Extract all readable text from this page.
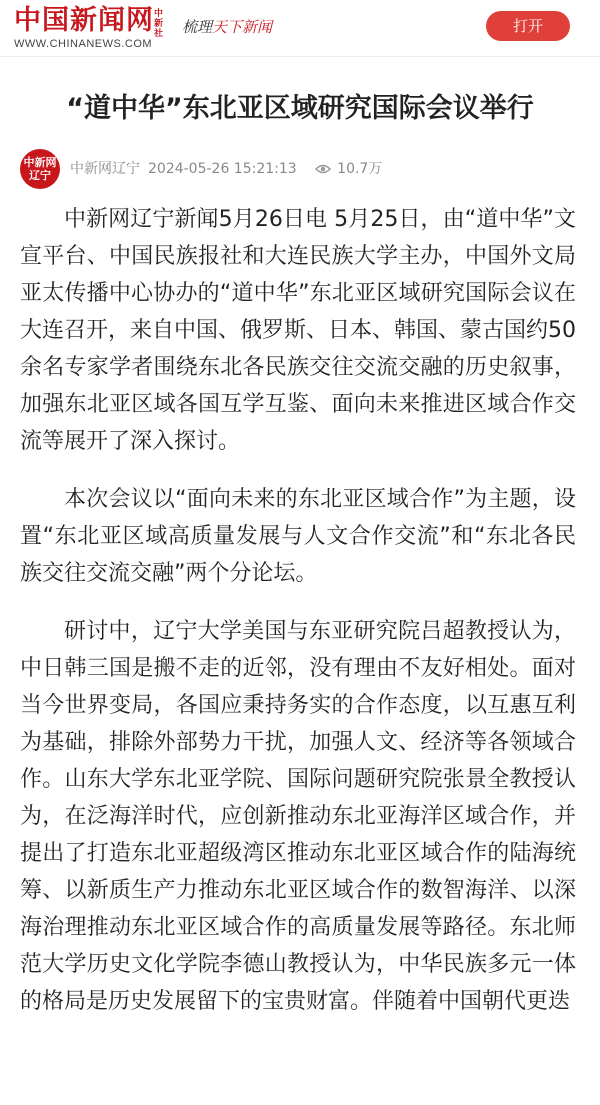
中国新闻网 中新社
WWW.CHINANEWS.COM
梳理天下新闻	打开
“道中华”东北亚区域研究国际会议举行
中新网 辽宁	中新网辽宁 2024-05-26 15:21:13	10.7万

中新网辽宁新闻5月26日电 5月25日，由“道中华”文宣平台、中国民族报社和大连民族大学主办，中国外文局亚太传播中心协办的“道中华”东北亚区域研究国际会议在大连召开，来自中国、俄罗斯、日本、韩国、蒙古国约50余名专家学者围绕东北各民族交往交流交融的历史叙事，加强东北亚区域各国互学互鉴、面向未来推进区域合作交流等展开了深入探讨。

本次会议以“面向未来的东北亚区域合作”为主题，设置“东北亚区域高质量发展与人文合作交流”和“东北各民族交往交流交融”两个分论坛。

研讨中，辽宁大学美国与东亚研究院吕超教授认为，中日韩三国是搬不走的近邻，没有理由不友好相处。面对当今世界变局，各国应秉持务实的合作态度，以互惠互利为基础，排除外部势力干扰，加强人文、经济等各领域合作。山东大学东北亚学院、国际问题研究院张景全教授认为，在泛海洋时代，应创新推动东北亚海洋区域合作，并提出了打造东北亚超级湾区推动东北亚区域合作的陆海统筹、以新质生产力推动东北亚区域合作的数智海洋、以深海治理推动东北亚区域合作的高质量发展等路径。东北师范大学历史文化学院李德山教授认为，中华民族多元一体的格局是历史发展留下的宝贵财富。伴随着中国朝代更迭
